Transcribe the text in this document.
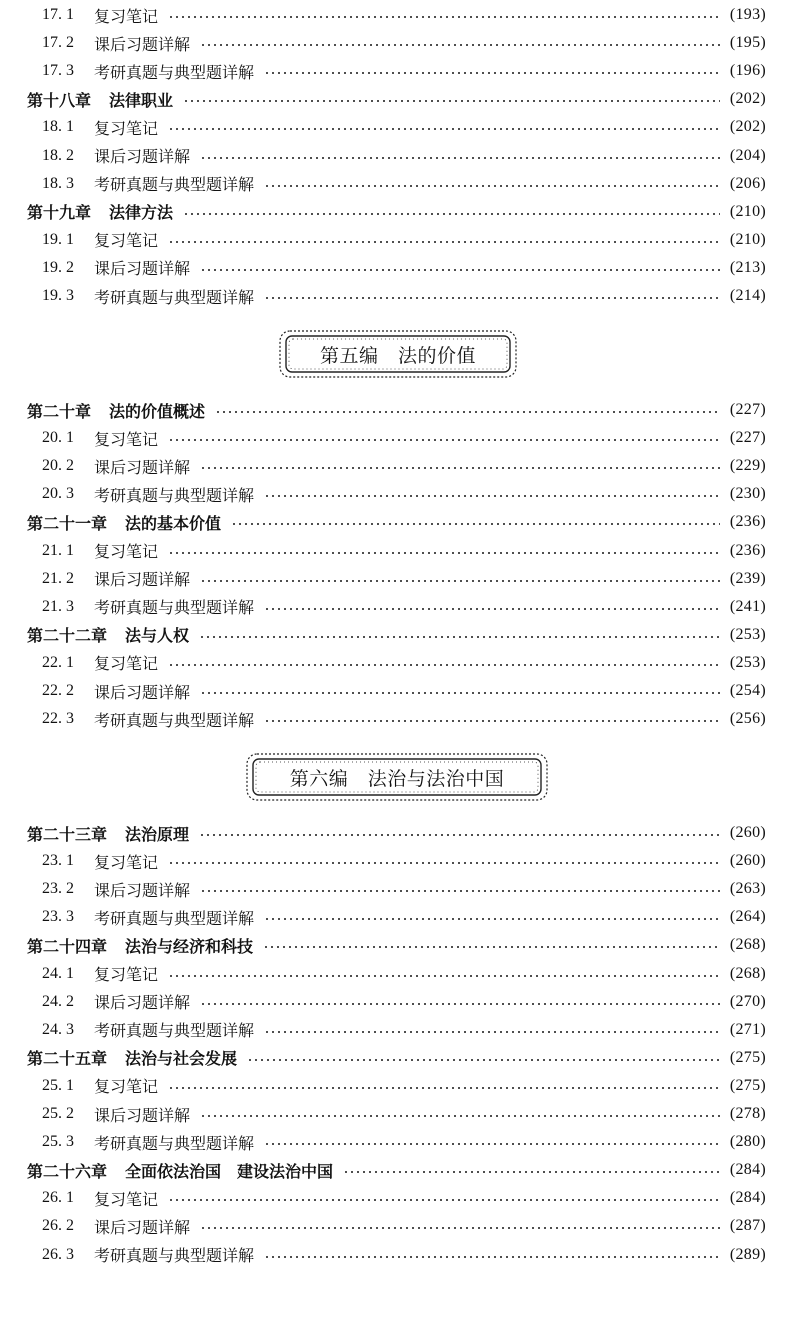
第五编　法的价值
第六编　法治与法治中国
17. 1 复习笔记	(193)
17. 2 课后习题详解	(195)
17. 3 考研真题与典型题详解	(196)
第十八章 法律职业	(202)
18. 1 复习笔记	(202)
18. 2 课后习题详解	(204)
18. 3 考研真题与典型题详解	(206)
第十九章 法律方法	(210)
19. 1 复习笔记	(210)
19. 2 课后习题详解	(213)
19. 3 考研真题与典型题详解	(214)
第二十章 法的价值概述	(227)
20. 1 复习笔记	(227)
20. 2 课后习题详解	(229)
20. 3 考研真题与典型题详解	(230)
第二十一章 法的基本价值	(236)
21. 1 复习笔记	(236)
21. 2 课后习题详解	(239)
21. 3 考研真题与典型题详解	(241)
第二十二章 法与人权	(253)
22. 1 复习笔记	(253)
22. 2 课后习题详解	(254)
22. 3 考研真题与典型题详解	(256)
第二十三章 法治原理	(260)
23. 1 复习笔记	(260)
23. 2 课后习题详解	(263)
23. 3 考研真题与典型题详解	(264)
第二十四章 法治与经济和科技	(268)
24. 1 复习笔记	(268)
24. 2 课后习题详解	(270)
24. 3 考研真题与典型题详解	(271)
第二十五章 法治与社会发展	(275)
25. 1 复习笔记	(275)
25. 2 课后习题详解	(278)
25. 3 考研真题与典型题详解	(280)
第二十六章 全面依法治国　建设法治中国	(284)
26. 1 复习笔记	(284)
26. 2 课后习题详解	(287)
26. 3 考研真题与典型题详解	(289)
